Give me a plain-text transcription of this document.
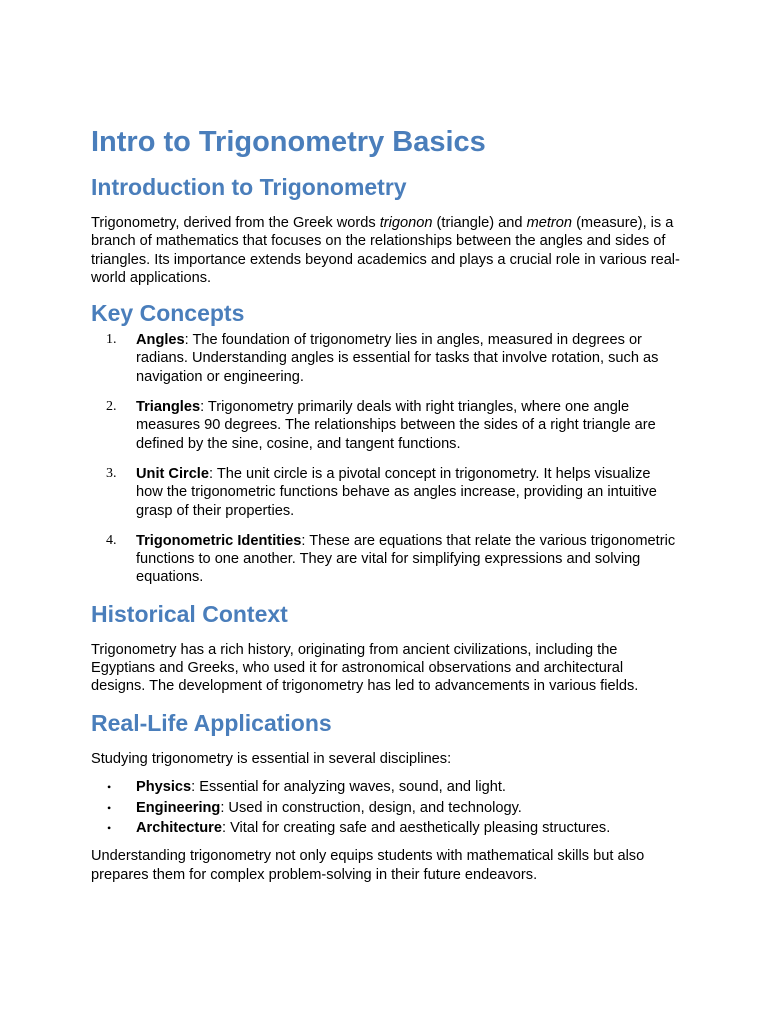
Intro to Trigonometry Basics
Introduction to Trigonometry

Trigonometry, derived from the Greek words trigonon (triangle) and metron (measure), is a branch of mathematics that focuses on the relationships between the angles and sides of triangles. Its importance extends beyond academics and plays a crucial role in various real-world applications.

Key Concepts
1. Angles: The foundation of trigonometry lies in angles, measured in degrees or radians. Understanding angles is essential for tasks that involve rotation, such as navigation or engineering.
2. Triangles: Trigonometry primarily deals with right triangles, where one angle measures 90 degrees. The relationships between the sides of a right triangle are defined by the sine, cosine, and tangent functions.
3. Unit Circle: The unit circle is a pivotal concept in trigonometry. It helps visualize how the trigonometric functions behave as angles increase, providing an intuitive grasp of their properties.
4. Trigonometric Identities: These are equations that relate the various trigonometric functions to one another. They are vital for simplifying expressions and solving equations.
Historical Context

Trigonometry has a rich history, originating from ancient civilizations, including the Egyptians and Greeks, who used it for astronomical observations and architectural designs. The development of trigonometry has led to advancements in various fields.

Real-Life Applications

Studying trigonometry is essential in several disciplines:

• Physics: Essential for analyzing waves, sound, and light.
• Engineering: Used in construction, design, and technology.
• Architecture: Vital for creating safe and aesthetically pleasing structures.

Understanding trigonometry not only equips students with mathematical skills but also prepares them for complex problem-solving in their future endeavors.
